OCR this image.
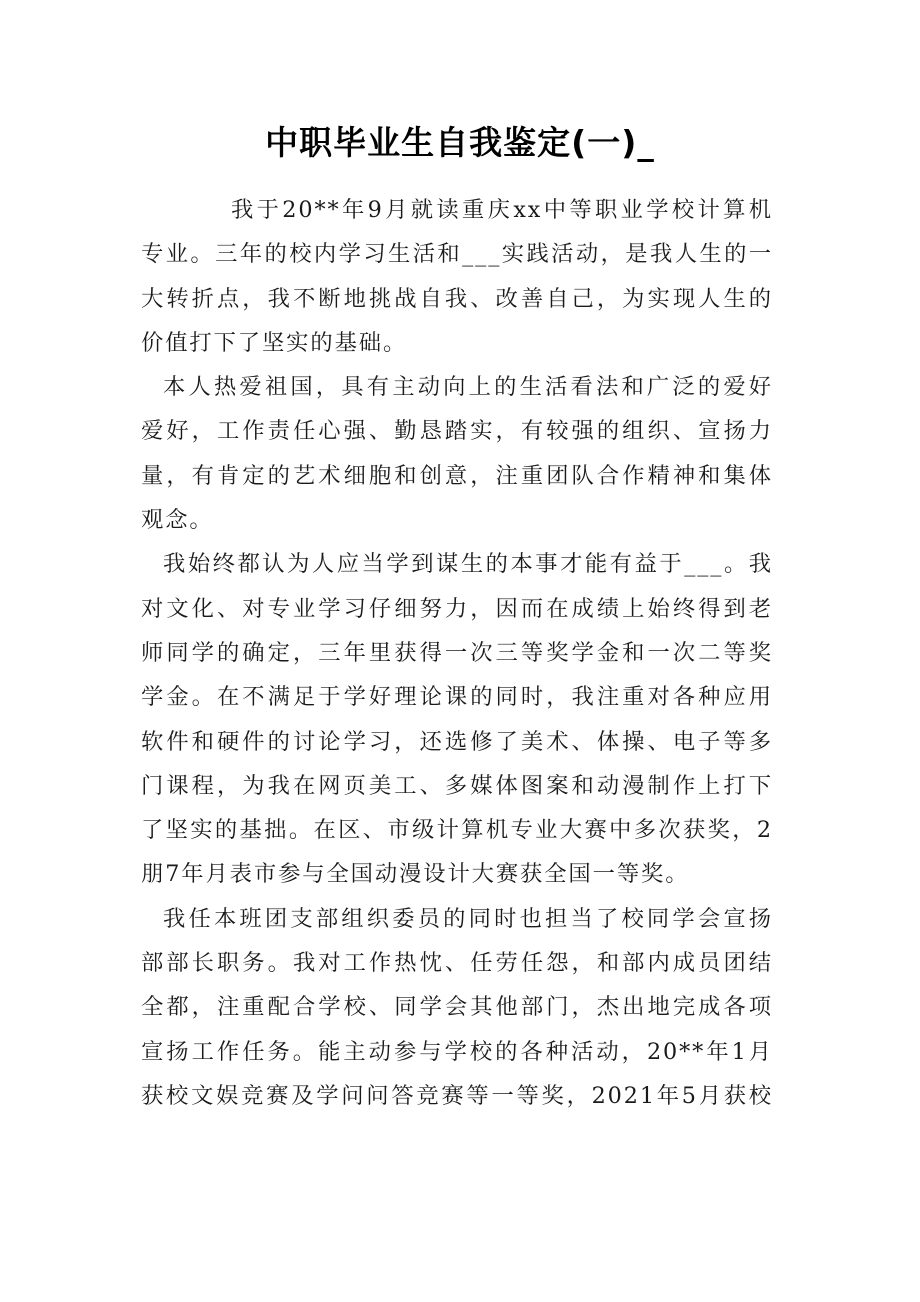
中职毕业生自我鉴定(一)_
我于20**年9月就读重庆xx中等职业学校计算机
专业。三年的校内学习生活和___实践活动，是我人生的一
大转折点，我不断地挑战自我、改善自己，为实现人生的
价值打下了坚实的基础。
本人热爱祖国，具有主动向上的生活看法和广泛的爱好
爱好，工作责任心强、勤恳踏实，有较强的组织、宣扬力
量，有肯定的艺术细胞和创意，注重团队合作精神和集体
观念。
我始终都认为人应当学到谋生的本事才能有益于___。我
对文化、对专业学习仔细努力，因而在成绩上始终得到老
师同学的确定，三年里获得一次三等奖学金和一次二等奖
学金。在不满足于学好理论课的同时，我注重对各种应用
软件和硬件的讨论学习，还选修了美术、体操、电子等多
门课程，为我在网页美工、多媒体图案和动漫制作上打下
了坚实的基拙。在区、市级计算机专业大赛中多次获奖，2
朋7年月表市参与全国动漫设计大赛获全国一等奖。
我任本班团支部组织委员的同时也担当了校同学会宣扬
部部长职务。我对工作热忱、任劳任怨，和部内成员团结
全都，注重配合学校、同学会其他部门，杰出地完成各项
宣扬工作任务。能主动参与学校的各种活动，20**年1月
获校文娱竞赛及学问问答竞赛等一等奖，2021年5月获校
